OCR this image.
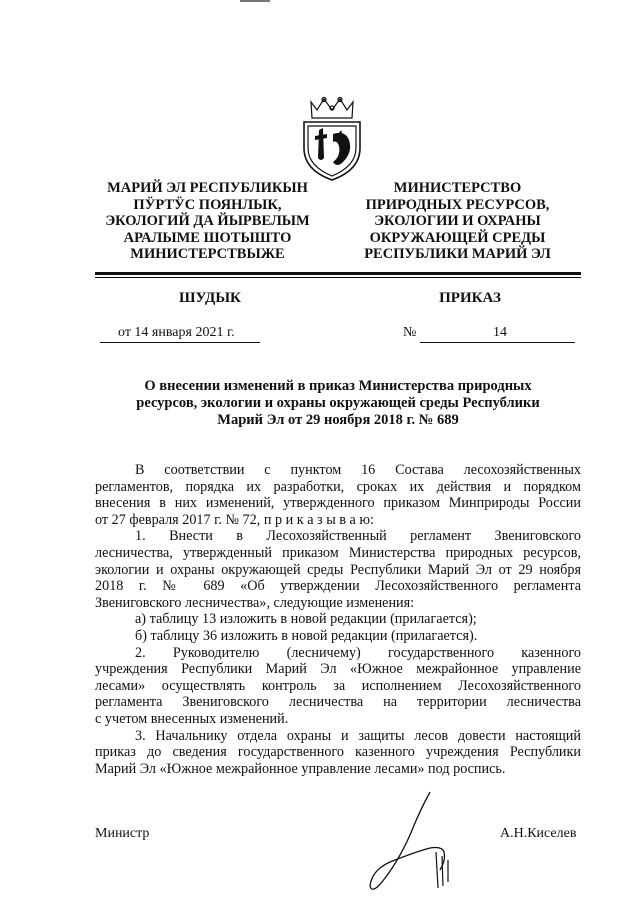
МАРИЙ ЭЛ РЕСПУБЛИКЫН
ПӰРТӰС ПОЯНЛЫК,
ЭКОЛОГИЙ ДА ЙЫРВЕЛЫМ
АРАЛЫМЕ ШОТЫШТО
МИНИСТЕРСТВЫЖЕ
МИНИСТЕРСТВО
ПРИРОДНЫХ РЕСУРСОВ,
ЭКОЛОГИИ И ОХРАНЫ
ОКРУЖАЮЩЕЙ СРЕДЫ
РЕСПУБЛИКИ МАРИЙ ЭЛ
ШУДЫК	ПРИКАЗ
от 14 января 2021 г.	№	14
О внесении изменений в приказ Министерства природных
ресурсов, экологии и охраны окружающей среды Республики
Марий Эл от 29 ноября 2018 г. № 689
В соответствии с пунктом 16 Состава лесохозяйственных
регламентов, порядка их разработки, сроках их действия и порядком
внесения в них изменений, утвержденного приказом Минприроды России
от 27 февраля 2017 г. № 72, п р и к а з ы в а ю:
1. Внести в Лесохозяйственный регламент Звениговского
лесничества, утвержденный приказом Министерства природных ресурсов,
экологии и охраны окружающей среды Республики Марий Эл от 29 ноября
2018 г. № 689 «Об утверждении Лесохозяйственного регламента
Звениговского лесничества», следующие изменения:
а) таблицу 13 изложить в новой редакции (прилагается);
б) таблицу 36 изложить в новой редакции (прилагается).
2. Руководителю (лесничему) государственного казенного
учреждения Республики Марий Эл «Южное межрайонное управление
лесами» осуществлять контроль за исполнением Лесохозяйственного
регламента Звениговского лесничества на территории лесничества
с учетом внесенных изменений.
3. Начальнику отдела охраны и защиты лесов довести настоящий
приказ до сведения государственного казенного учреждения Республики
Марий Эл «Южное межрайонное управление лесами» под роспись.
Министр	А.Н.Киселев
